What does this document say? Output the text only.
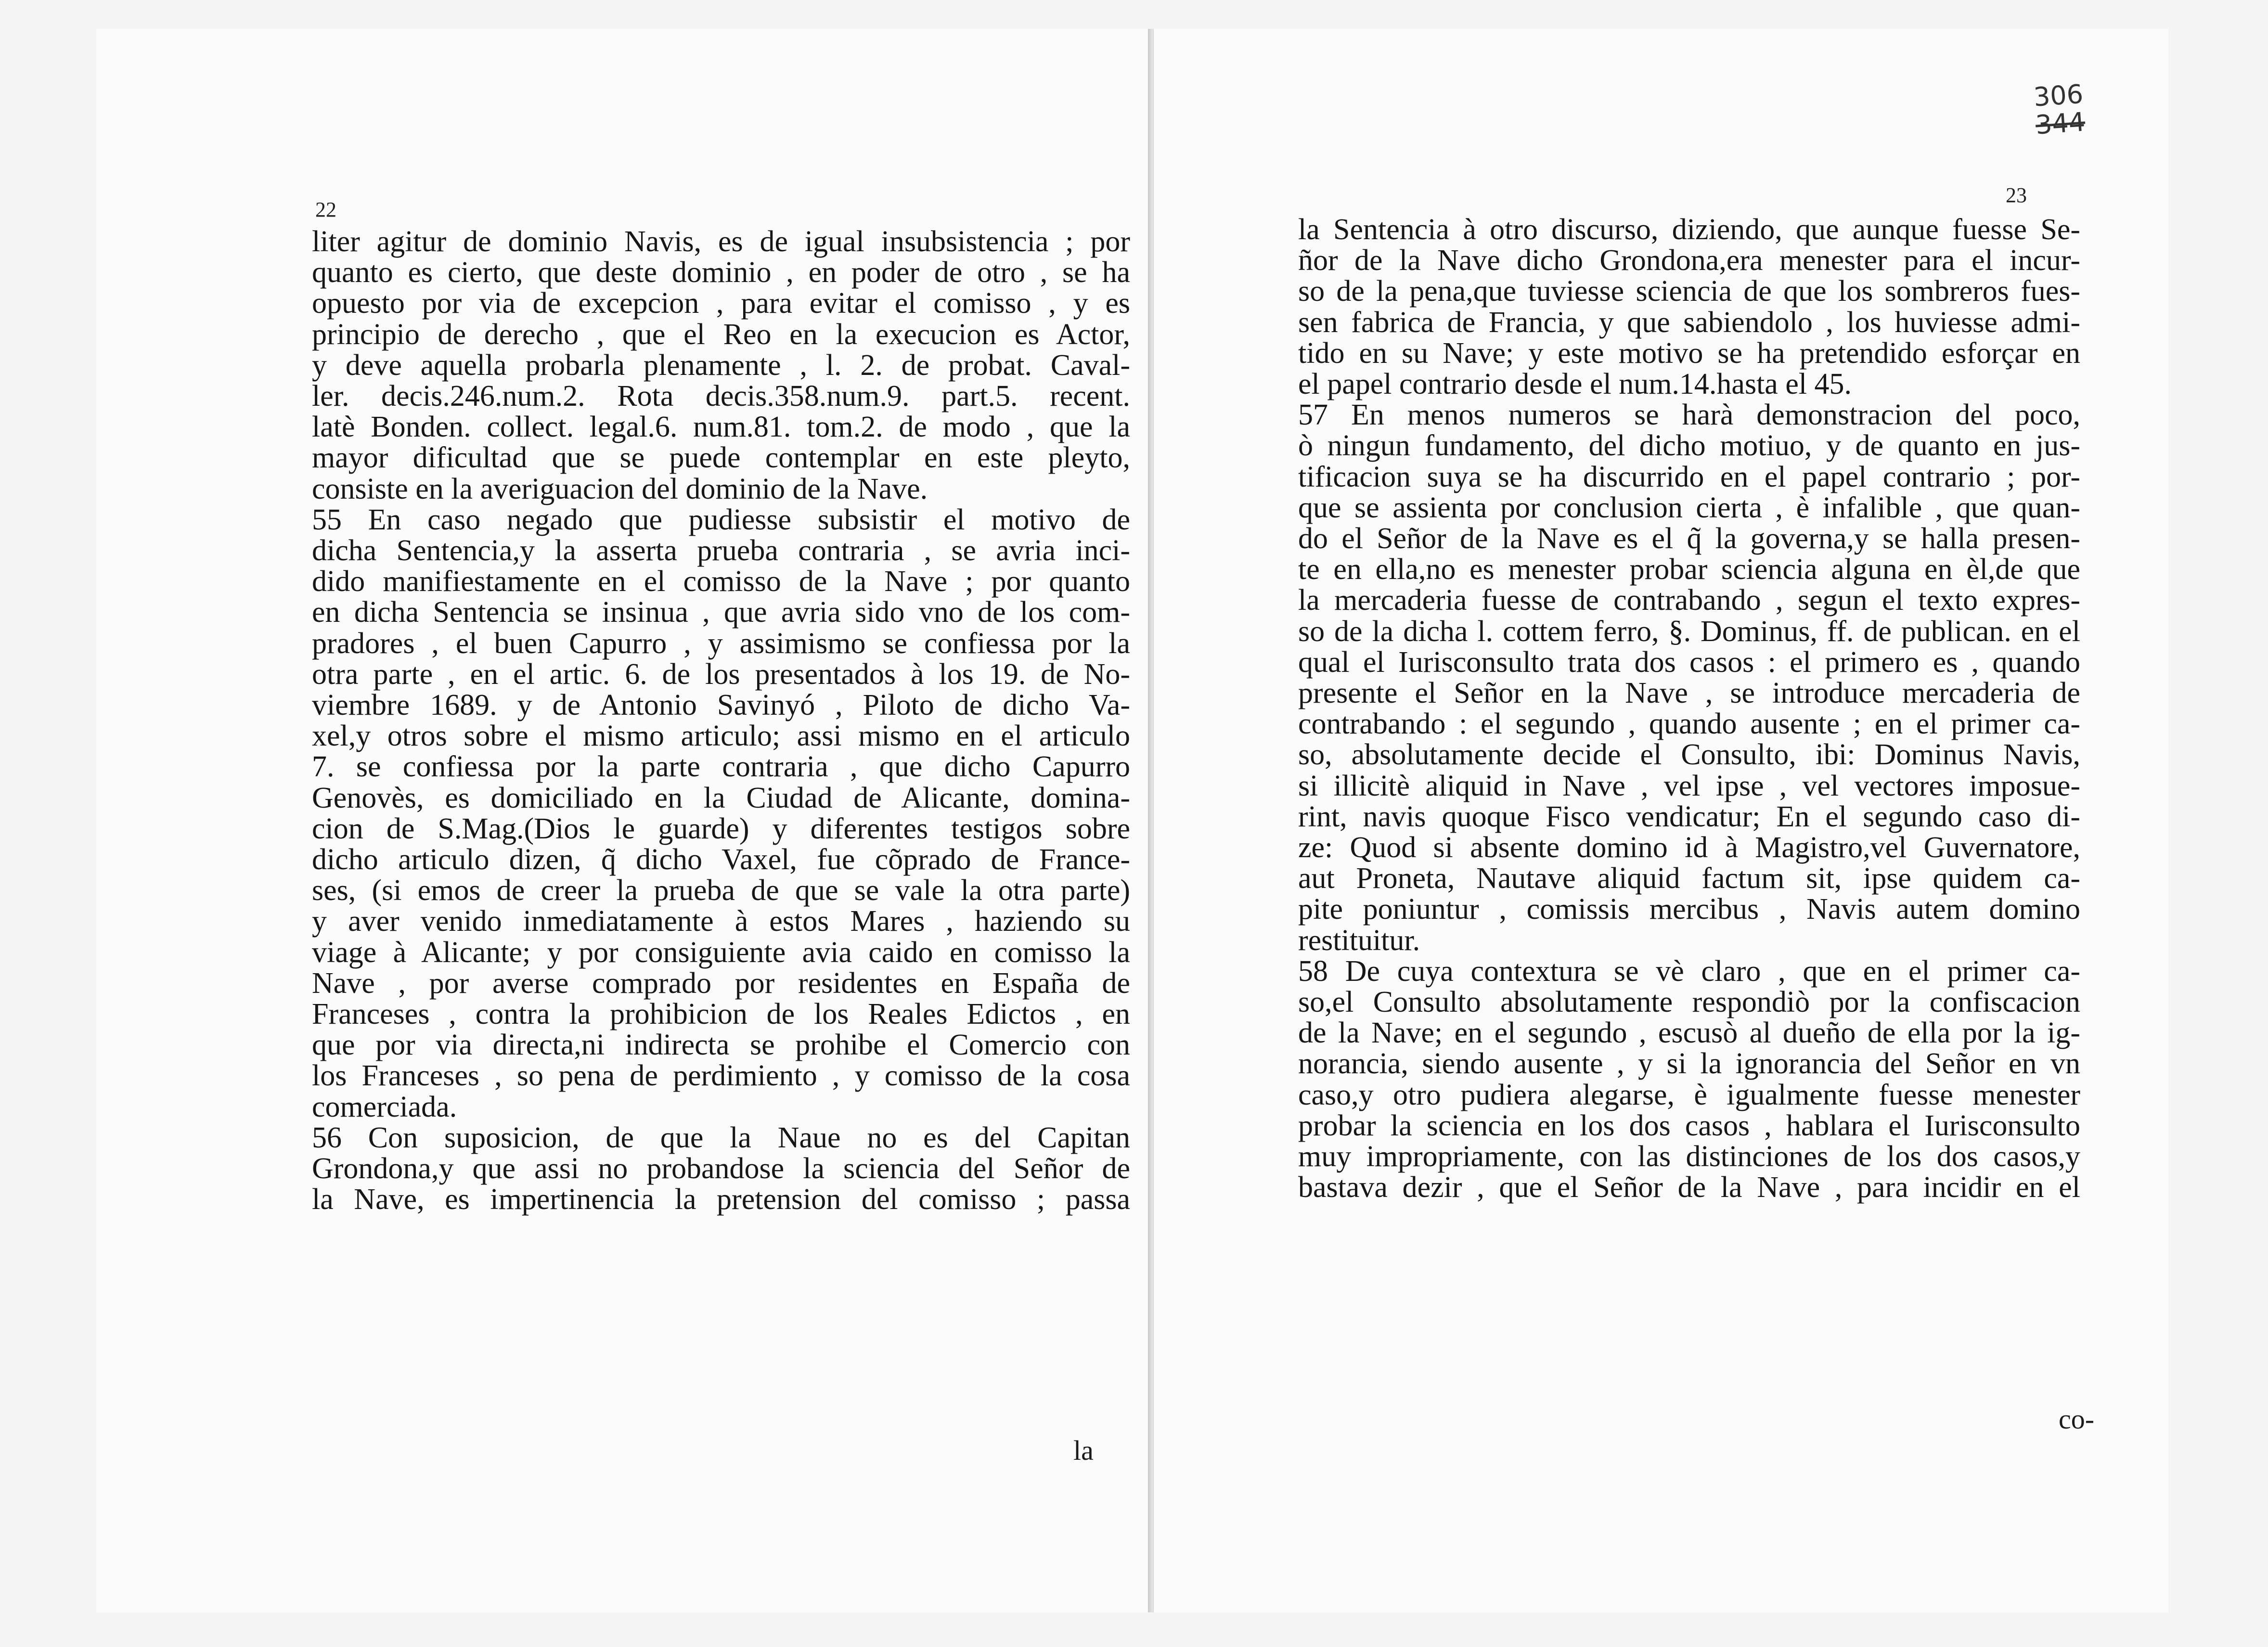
22
liter agitur de dominio Navis, es de igual insubsistencia ; por
quanto es cierto, que deste dominio , en poder de otro , se ha
opuesto por via de excepcion , para evitar el comisso , y es
principio de derecho , que el Reo en la execucion es Actor,
y deve aquella probarla plenamente , l. 2. de probat. Caval-
ler. decis.246.num.2. Rota decis.358.num.9. part.5. recent.
latè Bonden. collect. legal.6. num.81. tom.2. de modo , que la
mayor dificultad que se puede contemplar en este pleyto,
consiste en la averiguacion del dominio de la Nave.
55 En caso negado que pudiesse subsistir el motivo de
dicha Sentencia,y la asserta prueba contraria , se avria inci-
dido manifiestamente en el comisso de la Nave ; por quanto
en dicha Sentencia se insinua , que avria sido vno de los com-
pradores , el buen Capurro , y assimismo se confiessa por la
otra parte , en el artic. 6. de los presentados à los 19. de No-
viembre 1689. y de Antonio Savinyó , Piloto de dicho Va-
xel,y otros sobre el mismo articulo; assi mismo en el articulo
7. se confiessa por la parte contraria , que dicho Capurro
Genovès, es domiciliado en la Ciudad de Alicante, domina-
cion de S.Mag.(Dios le guarde) y diferentes testigos sobre
dicho articulo dizen, q̃ dicho Vaxel, fue cõprado de France-
ses, (si emos de creer la prueba de que se vale la otra parte)
y aver venido inmediatamente à estos Mares , haziendo su
viage à Alicante; y por consiguiente avia caido en comisso la
Nave , por averse comprado por residentes en España de
Franceses , contra la prohibicion de los Reales Edictos , en
que por via directa,ni indirecta se prohibe el Comercio con
los Franceses , so pena de perdimiento , y comisso de la cosa
comerciada.
56 Con suposicion, de que la Naue no es del Capitan
Grondona,y que assi no probandose la sciencia del Señor de
la Nave, es impertinencia la pretension del comisso ; passa
la
306
344
23
la Sentencia à otro discurso, diziendo, que aunque fuesse Se-
ñor de la Nave dicho Grondona,era menester para el incur-
so de la pena,que tuviesse sciencia de que los sombreros fues-
sen fabrica de Francia, y que sabiendolo , los huviesse admi-
tido en su Nave; y este motivo se ha pretendido esforçar en
el papel contrario desde el num.14.hasta el 45.
57 En menos numeros se harà demonstracion del poco,
ò ningun fundamento, del dicho motiuo, y de quanto en jus-
tificacion suya se ha discurrido en el papel contrario ; por-
que se assienta por conclusion cierta , è infalible , que quan-
do el Señor de la Nave es el q̃ la governa,y se halla presen-
te en ella,no es menester probar sciencia alguna en èl,de que
la mercaderia fuesse de contrabando , segun el texto expres-
so de la dicha l. cottem ferro, §. Dominus, ff. de publican. en el
qual el Iurisconsulto trata dos casos : el primero es , quando
presente el Señor en la Nave , se introduce mercaderia de
contrabando : el segundo , quando ausente ; en el primer ca-
so, absolutamente decide el Consulto, ibi: Dominus Navis,
si illicitè aliquid in Nave , vel ipse , vel vectores imposue-
rint, navis quoque Fisco vendicatur; En el segundo caso di-
ze: Quod si absente domino id à Magistro,vel Guvernatore,
aut Proneta, Nautave aliquid factum sit, ipse quidem ca-
pite poniuntur , comissis mercibus , Navis autem domino
restituitur.
58 De cuya contextura se vè claro , que en el primer ca-
so,el Consulto absolutamente respondiò por la confiscacion
de la Nave; en el segundo , escusò al dueño de ella por la ig-
norancia, siendo ausente , y si la ignorancia del Señor en vn
caso,y otro pudiera alegarse, è igualmente fuesse menester
probar la sciencia en los dos casos , hablara el Iurisconsulto
muy impropriamente, con las distinciones de los dos casos,y
bastava dezir , que el Señor de la Nave , para incidir en el
co-
